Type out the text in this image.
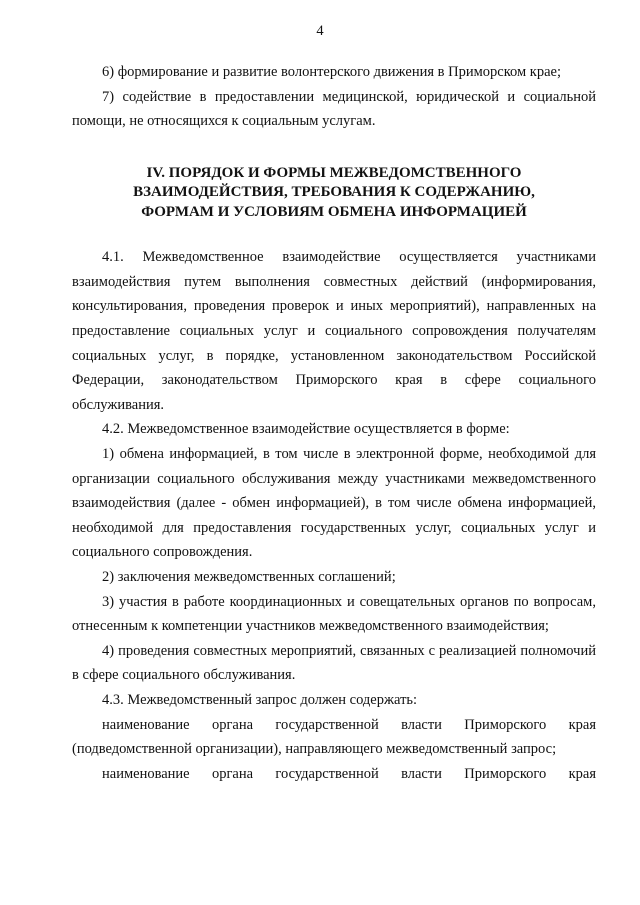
4

6) формирование и развитие волонтерского движения в Приморском крае;

7) содействие в предоставлении медицинской, юридической и социальной помощи, не относящихся к социальным услугам.

IV. ПОРЯДОК И ФОРМЫ МЕЖВЕДОМСТВЕННОГО
ВЗАИМОДЕЙСТВИЯ, ТРЕБОВАНИЯ К СОДЕРЖАНИЮ,
ФОРМАМ И УСЛОВИЯМ ОБМЕНА ИНФОРМАЦИЕЙ

4.1. Межведомственное взаимодействие осуществляется участниками взаимодействия путем выполнения совместных действий (информирования, консультирования, проведения проверок и иных мероприятий), направленных на предоставление социальных услуг и социального сопровождения получателям социальных услуг, в порядке, установленном законодательством Российской Федерации, законодательством Приморского края в сфере социального обслуживания.

4.2. Межведомственное взаимодействие осуществляется в форме:

1) обмена информацией, в том числе в электронной форме, необходимой для организации социального обслуживания между участниками межведомственного взаимодействия (далее - обмен информацией), в том числе обмена информацией, необходимой для предоставления государственных услуг, социальных услуг и социального сопровождения.

2) заключения межведомственных соглашений;

3) участия в работе координационных и совещательных органов по вопросам, отнесенным к компетенции участников межведомственного взаимодействия;

4) проведения совместных мероприятий, связанных с реализацией полномочий в сфере социального обслуживания.

4.3. Межведомственный запрос должен содержать:

наименование органа государственной власти Приморского края (подведомственной организации), направляющего межведомственный запрос;

наименование органа государственной власти Приморского края
